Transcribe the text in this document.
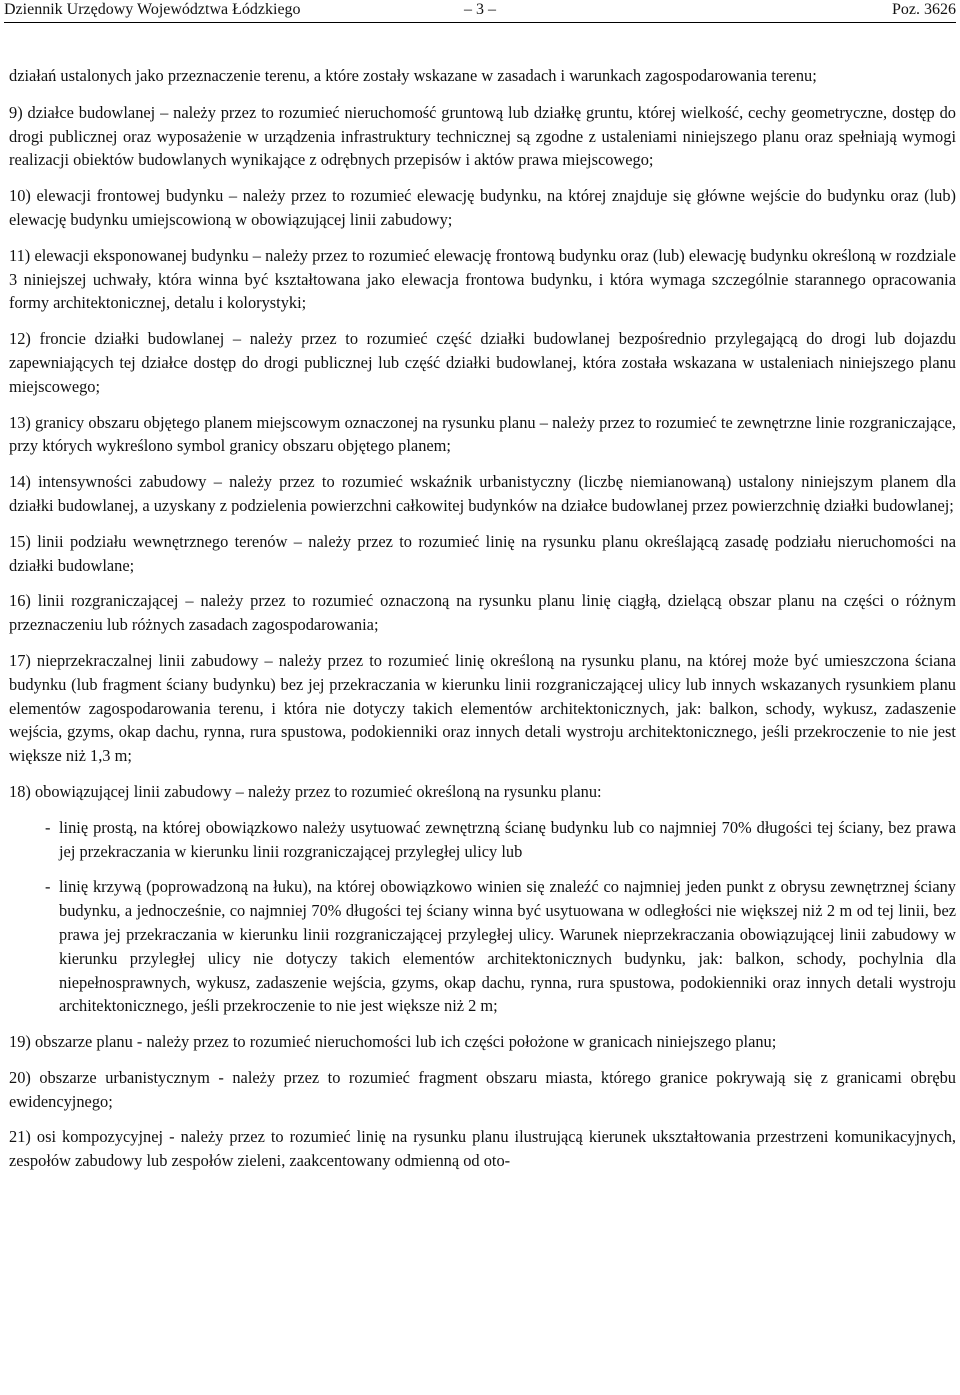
Dziennik Urzędowy Województwa Łódzkiego	– 3 –	Poz. 3626

działań ustalonych jako przeznaczenie terenu, a które zostały wskazane w zasadach i warunkach zagospodarowania terenu;

9) działce budowlanej – należy przez to rozumieć nieruchomość gruntową lub działkę gruntu, której wielkość, cechy geometryczne, dostęp do drogi publicznej oraz wyposażenie w urządzenia infrastruktury technicznej są zgodne z ustaleniami niniejszego planu oraz spełniają wymogi realizacji obiektów budowlanych wynikające z odrębnych przepisów i aktów prawa miejscowego;

10) elewacji frontowej budynku – należy przez to rozumieć elewację budynku, na której znajduje się główne wejście do budynku oraz (lub) elewację budynku umiejscowioną w obowiązującej linii zabudowy;

11) elewacji eksponowanej budynku – należy przez to rozumieć elewację frontową budynku oraz (lub) elewację budynku określoną w rozdziale 3 niniejszej uchwały, która winna być kształtowana jako elewacja frontowa budynku, i która wymaga szczególnie starannego opracowania formy architektonicznej, detalu i kolorystyki;

12) froncie działki budowlanej – należy przez to rozumieć część działki budowlanej bezpośrednio przylegającą do drogi lub dojazdu zapewniających tej działce dostęp do drogi publicznej lub część działki budowlanej, która została wskazana w ustaleniach niniejszego planu miejscowego;

13) granicy obszaru objętego planem miejscowym oznaczonej na rysunku planu – należy przez to rozumieć te zewnętrzne linie rozgraniczające, przy których wykreślono symbol granicy obszaru objętego planem;

14) intensywności zabudowy – należy przez to rozumieć wskaźnik urbanistyczny (liczbę niemianowaną) ustalony niniejszym planem dla działki budowlanej, a uzyskany z podzielenia powierzchni całkowitej budynków na działce budowlanej przez powierzchnię działki budowlanej;

15) linii podziału wewnętrznego terenów – należy przez to rozumieć linię na rysunku planu określającą zasadę podziału nieruchomości na działki budowlane;

16) linii rozgraniczającej – należy przez to rozumieć oznaczoną na rysunku planu linię ciągłą, dzielącą obszar planu na części o różnym przeznaczeniu lub różnych zasadach zagospodarowania;

17) nieprzekraczalnej linii zabudowy – należy przez to rozumieć linię określoną na rysunku planu, na której może być umieszczona ściana budynku (lub fragment ściany budynku) bez jej przekraczania w kierunku linii rozgraniczającej ulicy lub innych wskazanych rysunkiem planu elementów zagospodarowania terenu, i która nie dotyczy takich elementów architektonicznych, jak: balkon, schody, wykusz, zadaszenie wejścia, gzyms, okap dachu, rynna, rura spustowa, podokienniki oraz innych detali wystroju architektonicznego, jeśli przekroczenie to nie jest większe niż 1,3 m;

18) obowiązującej linii zabudowy – należy przez to rozumieć określoną na rysunku planu:

- linię prostą, na której obowiązkowo należy usytuować zewnętrzną ścianę budynku lub co najmniej 70% długości tej ściany, bez prawa jej przekraczania w kierunku linii rozgraniczającej przyległej ulicy lub
- linię krzywą (poprowadzoną na łuku), na której obowiązkowo winien się znaleźć co najmniej jeden punkt z obrysu zewnętrznej ściany budynku, a jednocześnie, co najmniej 70% długości tej ściany winna być usytuowana w odległości nie większej niż 2 m od tej linii, bez prawa jej przekraczania w kierunku linii rozgraniczającej przyległej ulicy. Warunek nieprzekraczania obowiązującej linii zabudowy w kierunku przyległej ulicy nie dotyczy takich elementów architektonicznych budynku, jak: balkon, schody, pochylnia dla niepełnosprawnych, wykusz, zadaszenie wejścia, gzyms, okap dachu, rynna, rura spustowa, podokienniki oraz innych detali wystroju architektonicznego, jeśli przekroczenie to nie jest większe niż 2 m;

19) obszarze planu - należy przez to rozumieć nieruchomości lub ich części położone w granicach niniejszego planu;

20) obszarze urbanistycznym - należy przez to rozumieć fragment obszaru miasta, którego granice pokrywają się z granicami obrębu ewidencyjnego;

21) osi kompozycyjnej - należy przez to rozumieć linię na rysunku planu ilustrującą kierunek ukształtowania przestrzeni komunikacyjnych, zespołów zabudowy lub zespołów zieleni, zaakcentowany odmienną od oto-
